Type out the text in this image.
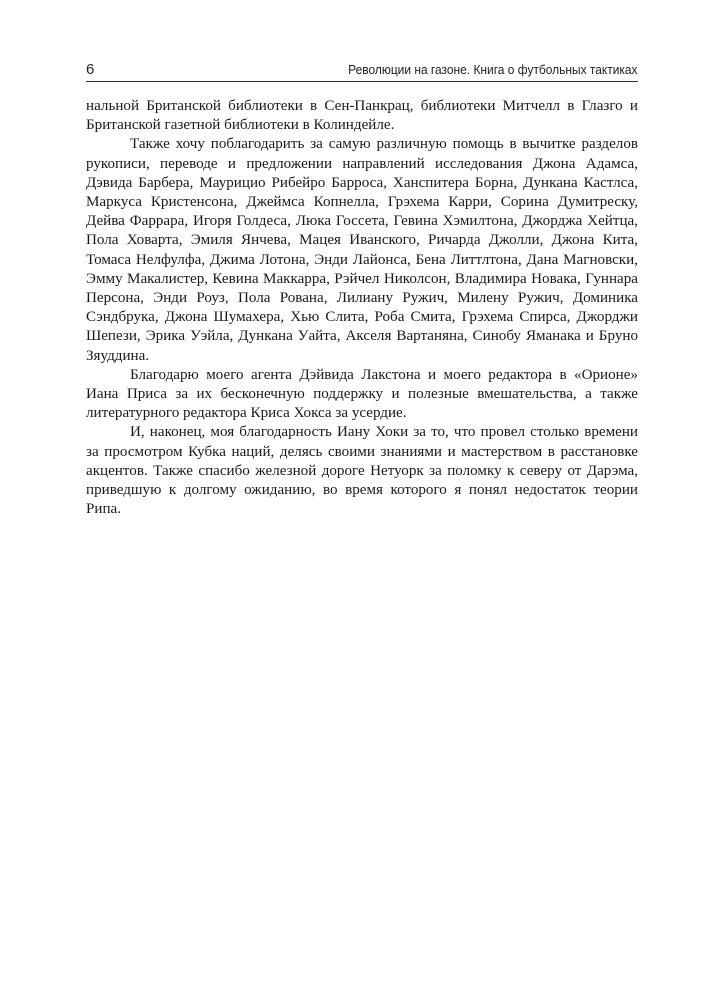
6	Революции на газоне. Книга о футбольных тактиках

нальной Британской библиотеки в Сен-Панкрац, библиотеки Митчелл в Глазго и Британской газетной библиотеки в Колиндейле.

Также хочу поблагодарить за самую различную помощь в вычитке разделов рукописи, переводе и предложении направлений исследования Джона Адамса, Дэвида Барбера, Маурицио Рибейро Барроса, Ханспитера Борна, Дункана Кастлса, Маркуса Кристенсона, Джеймса Копнелла, Грэхема Карри, Сорина Думитреску, Дейва Фаррара, Игоря Голдеса, Люка Госсета, Гевина Хэмилтона, Джорджа Хейтца, Пола Ховарта, Эмиля Янчева, Мацея Иванского, Ричарда Джолли, Джона Кита, Томаса Нелфулфа, Джима Лотона, Энди Лайонса, Бена Литтлтона, Дана Магновски, Эмму Макалистер, Кевина Маккарра, Рэйчел Николсон, Владимира Новака, Гуннара Персона, Энди Роуз, Пола Рована, Лилиану Ружич, Милену Ружич, Доминика Сэндбрука, Джона Шумахера, Хью Слита, Роба Смита, Грэхема Спирса, Джорджи Шепези, Эрика Уэйла, Дункана Уайта, Акселя Вартаняна, Синобу Яманака и Бруно Зяуддина.

Благодарю моего агента Дэйвида Лакстона и моего редактора в «Орионе» Иана Приса за их бесконечную поддержку и полезные вмешательства, а также литературного редактора Криса Хокса за усердие.

И, наконец, моя благодарность Иану Хоки за то, что провел столько времени за просмотром Кубка наций, делясь своими знаниями и мастерством в расстановке акцентов. Также спасибо железной дороге Нетуорк за поломку к северу от Дарэма, приведшую к долгому ожиданию, во время которого я понял недостаток теории Рипа.
